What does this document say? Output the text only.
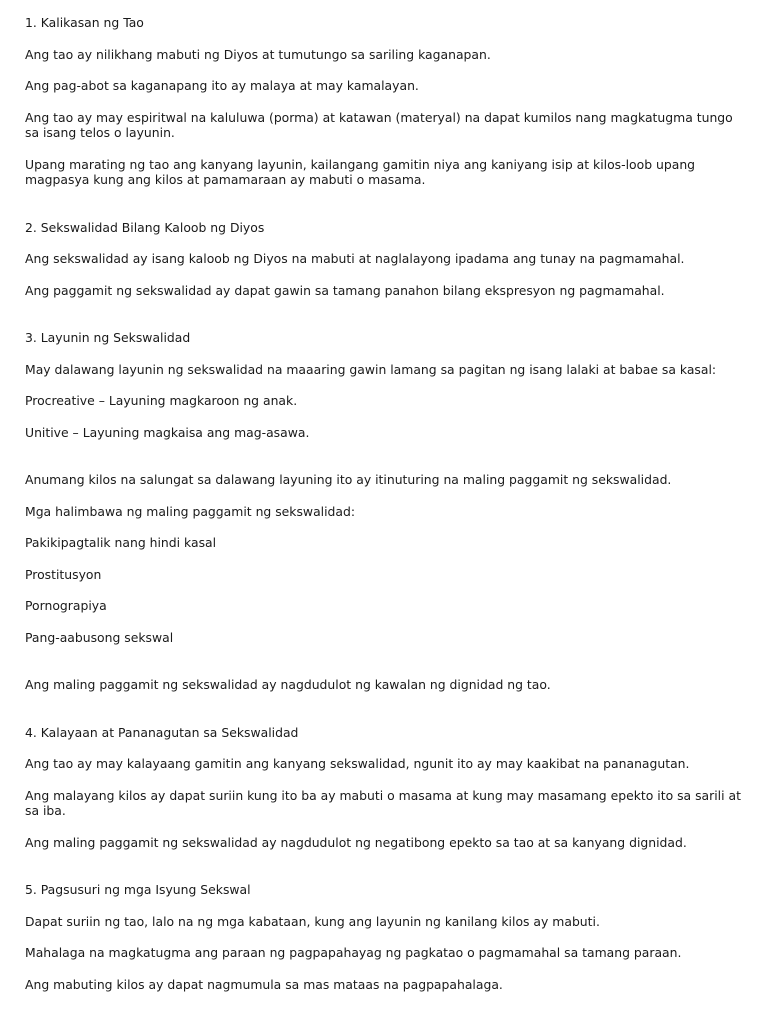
1. Kalikasan ng Tao

Ang tao ay nilikhang mabuti ng Diyos at tumutungo sa sariling kaganapan.

Ang pag-abot sa kaganapang ito ay malaya at may kamalayan.

Ang tao ay may espiritwal na kaluluwa (porma) at katawan (materyal) na dapat kumilos nang magkatugma tungo sa isang telos o layunin.

Upang marating ng tao ang kanyang layunin, kailangang gamitin niya ang kaniyang isip at kilos-loob upang magpasya kung ang kilos at pamamaraan ay mabuti o masama.

2. Sekswalidad Bilang Kaloob ng Diyos

Ang sekswalidad ay isang kaloob ng Diyos na mabuti at naglalayong ipadama ang tunay na pagmamahal.

Ang paggamit ng sekswalidad ay dapat gawin sa tamang panahon bilang ekspresyon ng pagmamahal.

3. Layunin ng Sekswalidad

May dalawang layunin ng sekswalidad na maaaring gawin lamang sa pagitan ng isang lalaki at babae sa kasal:

Procreative – Layuning magkaroon ng anak.

Unitive – Layuning magkaisa ang mag-asawa.

Anumang kilos na salungat sa dalawang layuning ito ay itinuturing na maling paggamit ng sekswalidad.

Mga halimbawa ng maling paggamit ng sekswalidad:

Pakikipagtalik nang hindi kasal

Prostitusyon

Pornograpiya

Pang-aabusong sekswal

Ang maling paggamit ng sekswalidad ay nagdudulot ng kawalan ng dignidad ng tao.

4. Kalayaan at Pananagutan sa Sekswalidad

Ang tao ay may kalayaang gamitin ang kanyang sekswalidad, ngunit ito ay may kaakibat na pananagutan.

Ang malayang kilos ay dapat suriin kung ito ba ay mabuti o masama at kung may masamang epekto ito sa sarili at sa iba.

Ang maling paggamit ng sekswalidad ay nagdudulot ng negatibong epekto sa tao at sa kanyang dignidad.

5. Pagsusuri ng mga Isyung Sekswal

Dapat suriin ng tao, lalo na ng mga kabataan, kung ang layunin ng kanilang kilos ay mabuti.

Mahalaga na magkatugma ang paraan ng pagpapahayag ng pagkatao o pagmamahal sa tamang paraan.

Ang mabuting kilos ay dapat nagmumula sa mas mataas na pagpapahalaga.
